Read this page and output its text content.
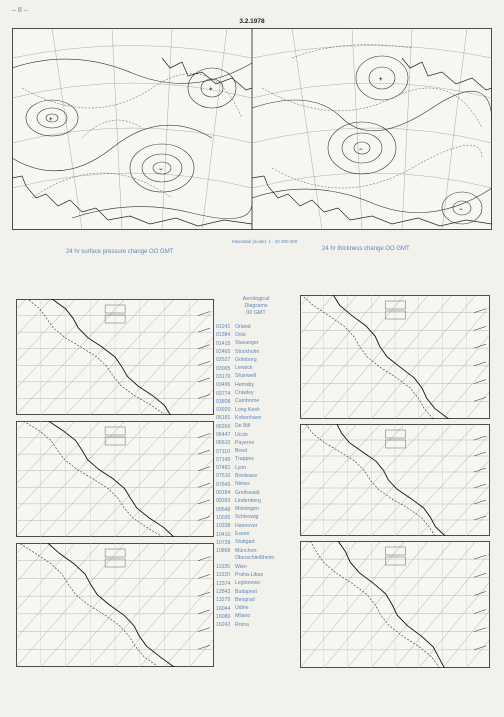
– 8 –
3.2.1978
+
−
+
+
−
−
Massstab (scale): 1 : 40 000 000
24 hr surface pressure change OO GMT	24 hr thickness change OO GMT
Aerological
Diagrams
00 GMT
01241 Orland
01384 Oslo
01415 Stavanger
02465 Stockholm
02527 Goteborg
03005 Lerwick
03170 Shanwell
03496 Hemsby
03774 Crawley
03808 Camborne
03920 Long Kesh
06181 Kobenhavn
06260 De Bilt
06447 Uccle
06610 Payerne
07110 Brest
07145 Trappes
07481 Lyon
07510 Bordeaux
07645 Nimes
09184 Greifswald
09393 Lindenberg
09548 Meiningen
10035 Schleswig
10338 Hannover
10410 Essen
10739 Stuttgart
10868 München-Oberschleißheim
11035 Wien
11520 Praha-Libus
12374 Legionowo
12843 Budapest
13275 Beograd
16044 Udine
16080 Milano
16242 Roma
